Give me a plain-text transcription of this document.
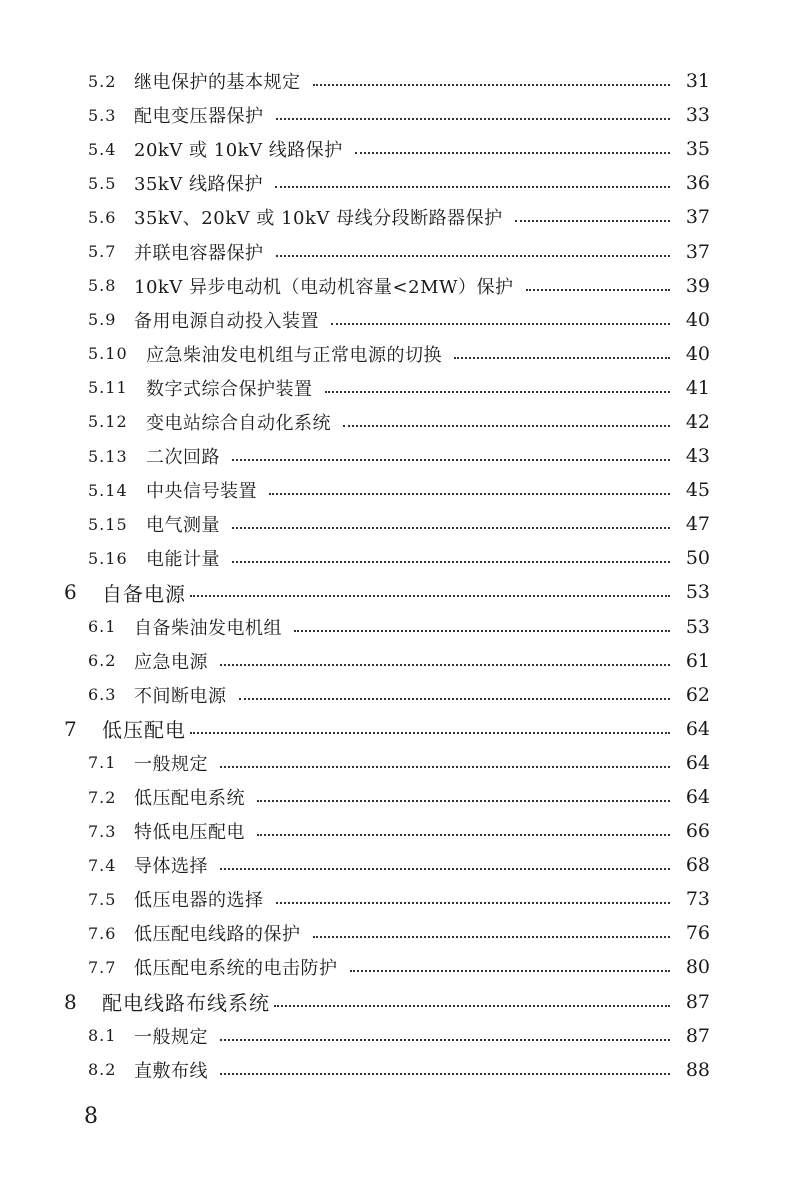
5.2 继电保护的基本规定	31
5.3 配电变压器保护	33
5.4 20kV 或 10kV 线路保护	35
5.5 35kV 线路保护	36
5.6 35kV、20kV 或 10kV 母线分段断路器保护	37
5.7 并联电容器保护	37
5.8 10kV 异步电动机（电动机容量<2MW）保护	39
5.9 备用电源自动投入装置	40
5.10	应急柴油发电机组与正常电源的切换	40
5.11	数字式综合保护装置	41
5.12	变电站综合自动化系统	42
5.13	二次回路	43
5.14	中央信号装置	45
5.15	电气测量	47
5.16	电能计量	50
6	自备电源	53
6.1 自备柴油发电机组	53
6.2 应急电源	61
6.3 不间断电源	62
7	低压配电	64
7.1 一般规定	64
7.2 低压配电系统	64
7.3 特低电压配电	66
7.4 导体选择	68
7.5 低压电器的选择	73
7.6 低压配电线路的保护	76
7.7 低压配电系统的电击防护	80
8	配电线路布线系统	87
8.1 一般规定	87
8.2 直敷布线	88
8
